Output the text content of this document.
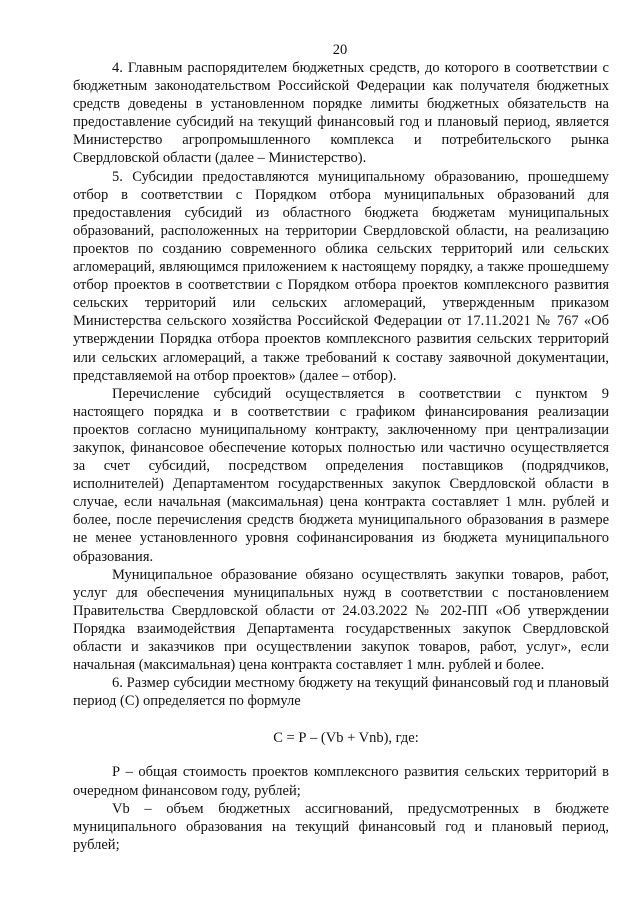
20

4. Главным распорядителем бюджетных средств, до которого в соответствии с бюджетным законодательством Российской Федерации как получателя бюджетных средств доведены в установленном порядке лимиты бюджетных обязательств на предоставление субсидий на текущий финансовый год и плановый период, является Министерство агропромышленного комплекса и потребительского рынка Свердловской области (далее – Министерство).

5. Субсидии предоставляются муниципальному образованию, прошедшему отбор в соответствии с Порядком отбора муниципальных образований для предоставления субсидий из областного бюджета бюджетам муниципальных образований, расположенных на территории Свердловской области, на реализацию проектов по созданию современного облика сельских территорий или сельских агломераций, являющимся приложением к настоящему порядку, а также прошедшему отбор проектов в соответствии с Порядком отбора проектов комплексного развития сельских территорий или сельских агломераций, утвержденным приказом Министерства сельского хозяйства Российской Федерации от 17.11.2021 № 767 «Об утверждении Порядка отбора проектов комплексного развития сельских территорий или сельских агломераций, а также требований к составу заявочной документации, представляемой на отбор проектов» (далее – отбор).

Перечисление субсидий осуществляется в соответствии с пунктом 9 настоящего порядка и в соответствии с графиком финансирования реализации проектов согласно муниципальному контракту, заключенному при централизации закупок, финансовое обеспечение которых полностью или частично осуществляется за счет субсидий, посредством определения поставщиков (подрядчиков, исполнителей) Департаментом государственных закупок Свердловской области в случае, если начальная (максимальная) цена контракта составляет 1 млн. рублей и более, после перечисления средств бюджета муниципального образования в размере не менее установленного уровня софинансирования из бюджета муниципального образования.

Муниципальное образование обязано осуществлять закупки товаров, работ, услуг для обеспечения муниципальных нужд в соответствии с постановлением Правительства Свердловской области от 24.03.2022 № 202-ПП «Об утверждении Порядка взаимодействия Департамента государственных закупок Свердловской области и заказчиков при осуществлении закупок товаров, работ, услуг», если начальная (максимальная) цена контракта составляет 1 млн. рублей и более.

6. Размер субсидии местному бюджету на текущий финансовый год и плановый период (С) определяется по формуле

С = Р – (Vb + Vnb), где:

Р – общая стоимость проектов комплексного развития сельских территорий в очередном финансовом году, рублей;

Vb – объем бюджетных ассигнований, предусмотренных в бюджете муниципального образования на текущий финансовый год и плановый период, рублей;
